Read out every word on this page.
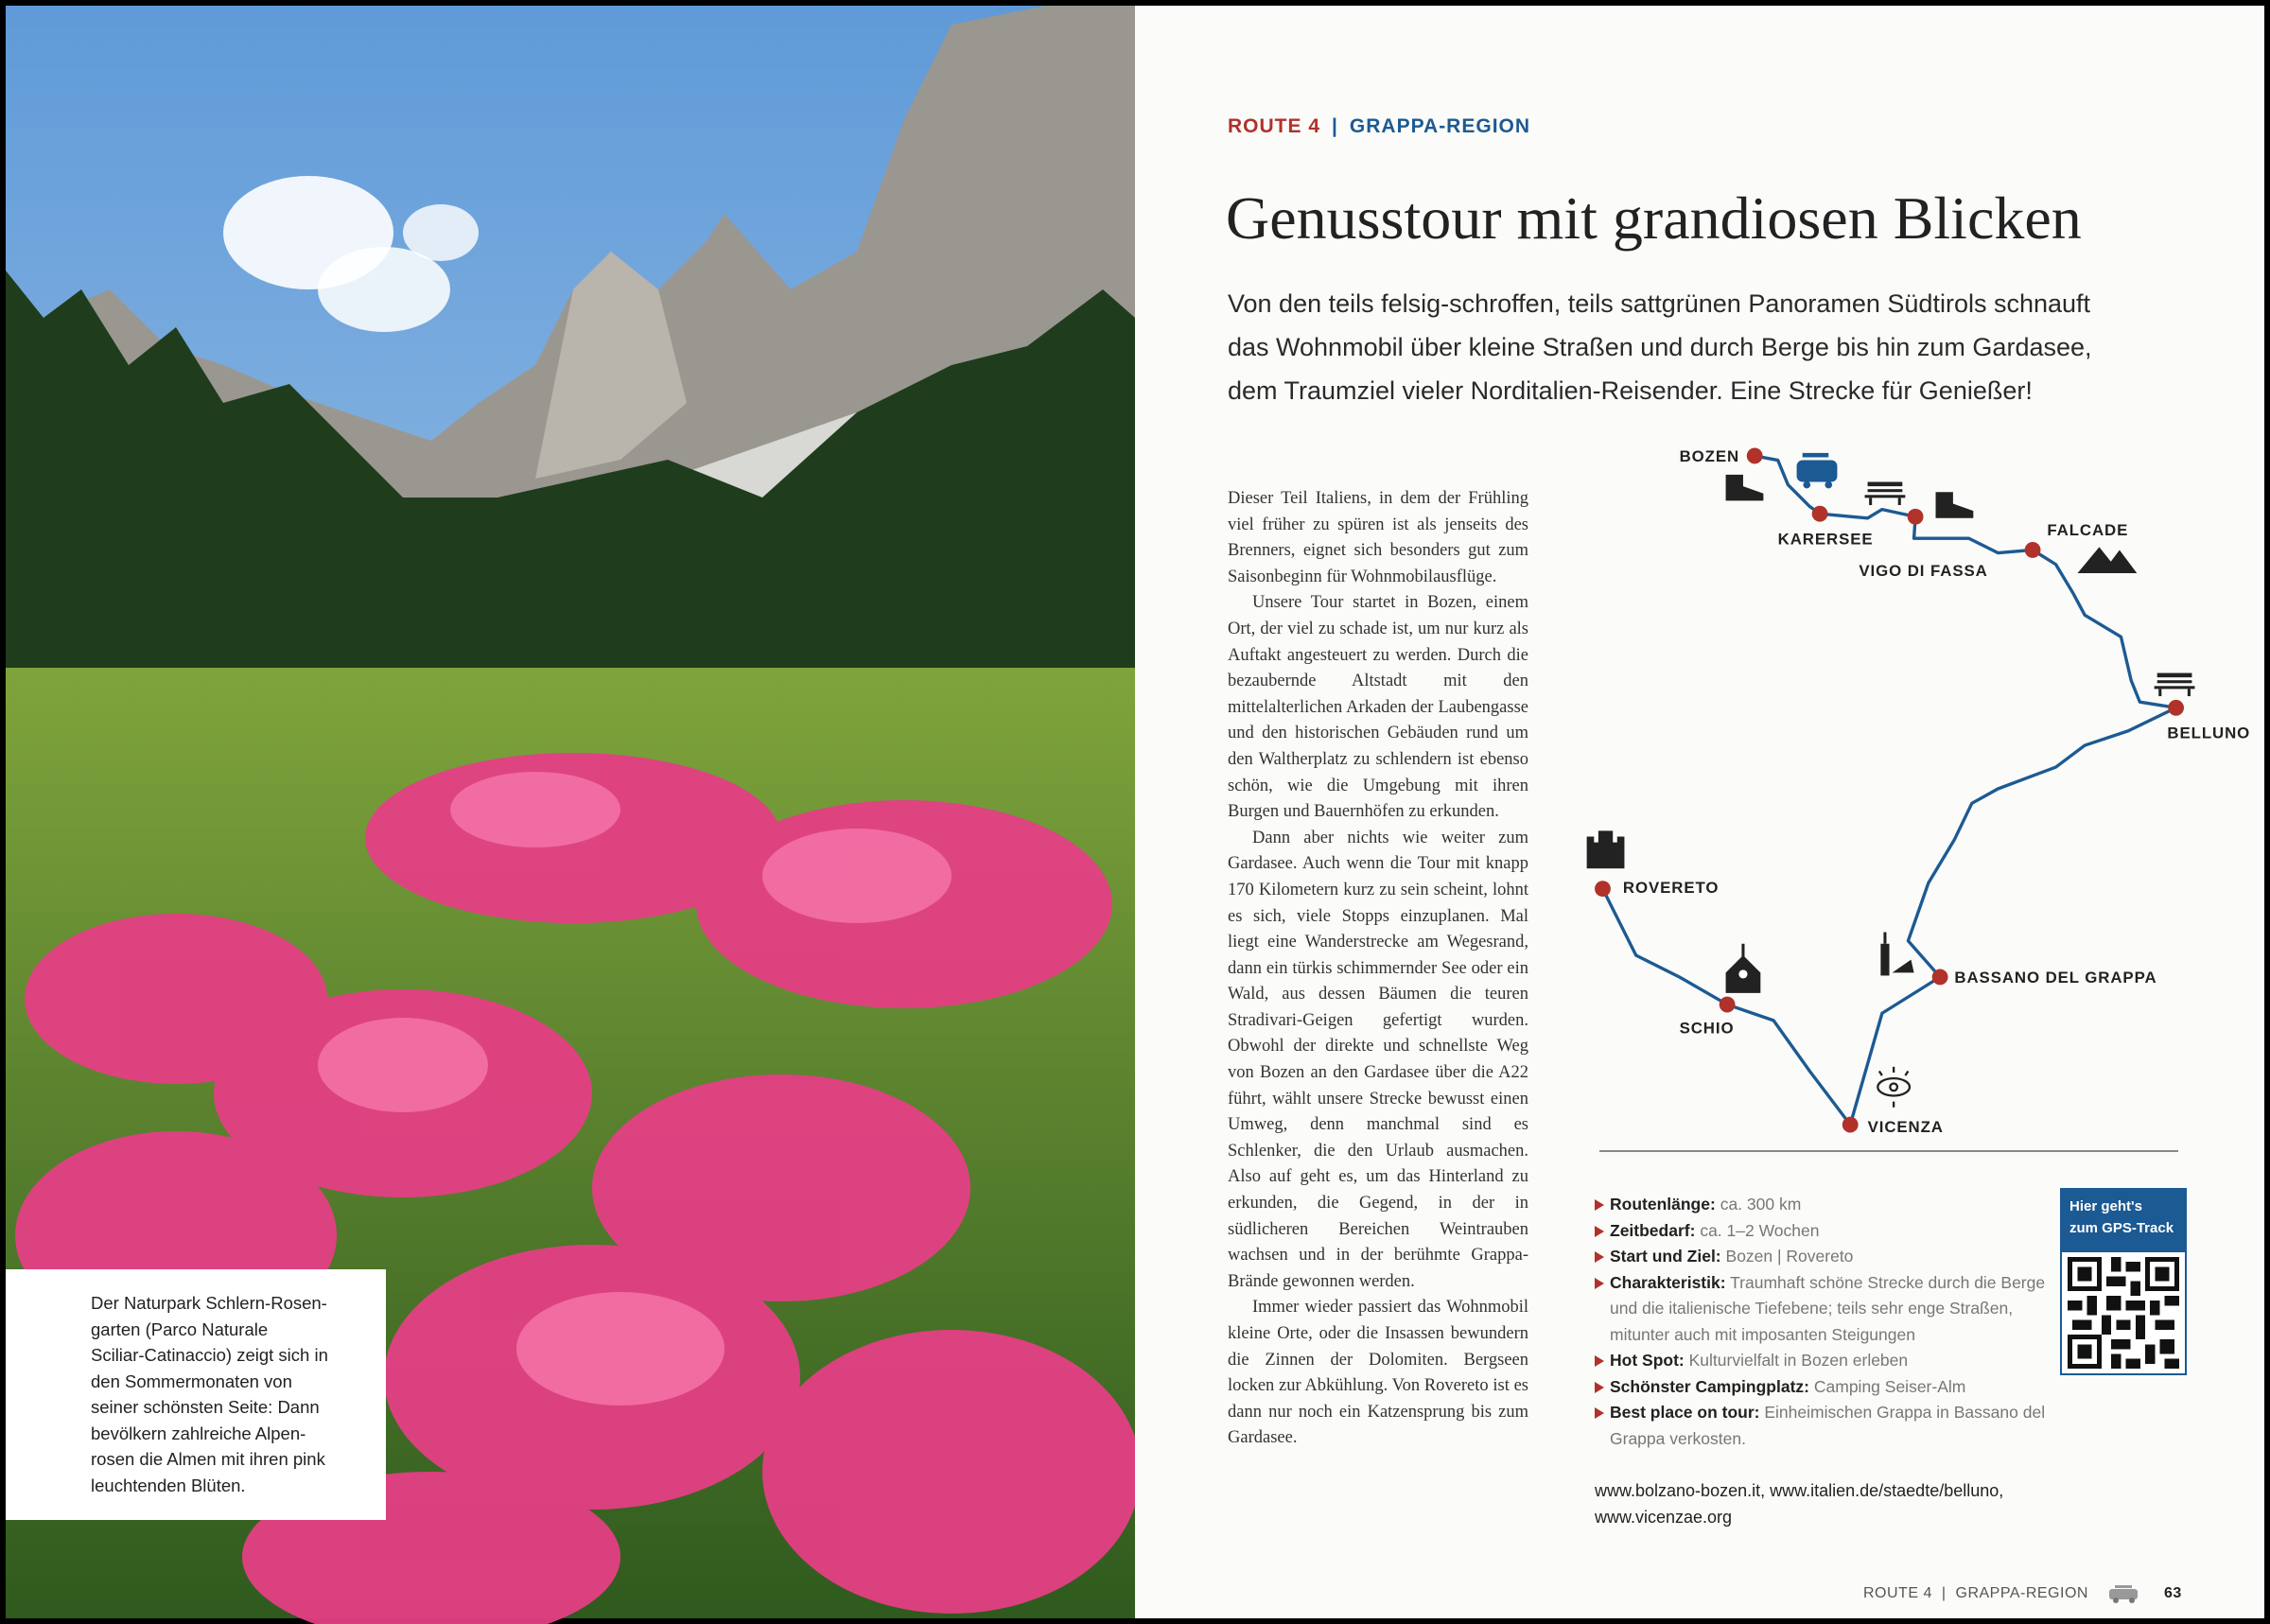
Der Naturpark Schlern-Rosen-
garten (Parco Naturale
Sciliar-Catinaccio) zeigt sich in
den Sommermonaten von
seiner schönsten Seite: Dann
bevölkern zahlreiche Alpen-
rosen die Almen mit ihren pink
leuchtenden Blüten.
ROUTE 4 | GRAPPA-REGION
Genusstour mit grandiosen Blicken
Von den teils felsig-schroffen, teils sattgrünen Panoramen Südtirols schnauft
das Wohnmobil über kleine Straßen und durch Berge bis hin zum Gardasee,
dem Traumziel vieler Norditalien-Reisender. Eine Strecke für Genießer!

Dieser Teil Italiens, in dem der Frühling viel früher zu spüren ist als jenseits des Brenners, eignet sich besonders gut zum Saisonbeginn für Wohnmobilausflüge.

Unsere Tour startet in Bozen, einem Ort, der viel zu schade ist, um nur kurz als Auftakt angesteuert zu werden. Durch die bezaubernde Altstadt mit den mittelalterlichen Arkaden der Laubengasse und den historischen Gebäuden rund um den Waltherplatz zu schlendern ist ebenso schön, wie die Umgebung mit ihren Burgen und Bauernhöfen zu erkunden.

Dann aber nichts wie weiter zum Gardasee. Auch wenn die Tour mit knapp 170 Kilometern kurz zu sein scheint, lohnt es sich, viele Stopps einzuplanen. Mal liegt eine Wanderstrecke am Wegesrand, dann ein türkis schimmernder See oder ein Wald, aus dessen Bäumen die teuren Stradivari-Geigen gefertigt wurden. Obwohl der direkte und schnellste Weg von Bozen an den Gardasee über die A22 führt, wählt unsere Strecke bewusst einen Umweg, denn manchmal sind es Schlenker, die den Urlaub ausmachen. Also auf geht es, um das Hinterland zu erkunden, die Gegend, in der in südlicheren Bereichen Weintrauben wachsen und in der berühmte Grappa-Brände gewonnen werden.

Immer wieder passiert das Wohnmobil kleine Orte, oder die Insassen bewundern die Zinnen der Dolomiten. Bergseen locken zur Abkühlung. Von Rovereto ist es dann nur noch ein Katzensprung bis zum Gardasee.

BOZEN
KARERSEE
VIGO DI FASSA
FALCADE
BELLUNO
BASSANO DEL GRAPPA
VICENZA
SCHIO
ROVERETO
Routenlänge: ca. 300 km
Zeitbedarf: ca. 1–2 Wochen
Start und Ziel: Bozen | Rovereto
Charakteristik: Traumhaft schöne Strecke durch die Berge und die italienische Tiefebene; teils sehr enge Straßen, mitunter auch mit imposanten Steigungen
Hot Spot: Kulturvielfalt in Bozen erleben
Schönster Campingplatz: Camping Seiser-Alm
Best place on tour: Einheimischen Grappa in Bassano del Grappa verkosten.
Hier geht's
zum GPS-Track
www.bolzano-bozen.it, www.italien.de/staedte/belluno,
www.vicenzae.org
ROUTE 4 | GRAPPA-REGION	63
